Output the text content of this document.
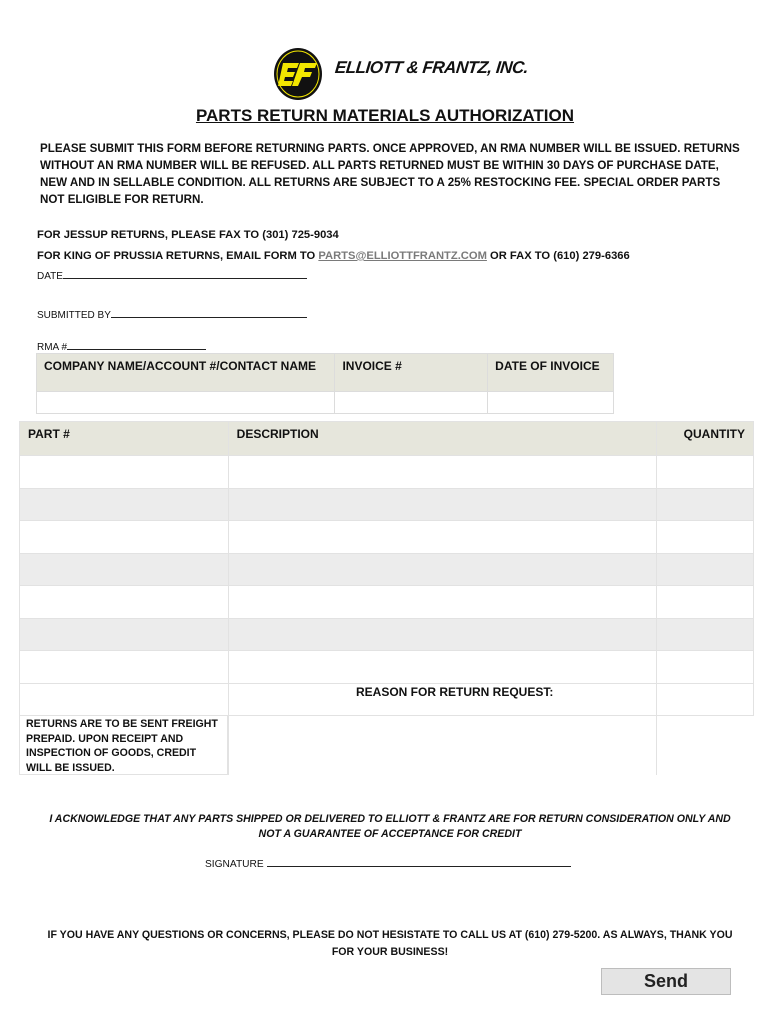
ELLIOTT & FRANTZ, INC.
PARTS RETURN MATERIALS AUTHORIZATION
PLEASE SUBMIT THIS FORM BEFORE RETURNING PARTS. ONCE APPROVED, AN RMA NUMBER WILL BE ISSUED. RETURNS WITHOUT AN RMA NUMBER WILL BE REFUSED. ALL PARTS RETURNED MUST BE WITHIN 30 DAYS OF PURCHASE DATE, NEW AND IN SELLABLE CONDITION. ALL RETURNS ARE SUBJECT TO A 25% RESTOCKING FEE. SPECIAL ORDER PARTS NOT ELIGIBLE FOR RETURN.
FOR JESSUP RETURNS, PLEASE FAX TO (301) 725-9034
FOR KING OF PRUSSIA RETURNS, EMAIL FORM TO PARTS@ELLIOTTFRANTZ.COM OR FAX TO (610) 279-6366
DATE
SUBMITTED BY
RMA #
COMPANY NAME/ACCOUNT #/CONTACT NAME	INVOICE #	DATE OF INVOICE

PART #	DESCRIPTION	QUANTITY

REASON FOR RETURN REQUEST:
RETURNS ARE TO BE SENT FREIGHT PREPAID. UPON RECEIPT AND INSPECTION OF GOODS, CREDIT WILL BE ISSUED.
I ACKNOWLEDGE THAT ANY PARTS SHIPPED OR DELIVERED TO ELLIOTT & FRANTZ ARE FOR RETURN CONSIDERATION ONLY AND NOT A GUARANTEE OF ACCEPTANCE FOR CREDIT
SIGNATURE
IF YOU HAVE ANY QUESTIONS OR CONCERNS, PLEASE DO NOT HESISTATE TO CALL US AT (610) 279-5200. AS ALWAYS, THANK YOU FOR YOUR BUSINESS!
Send
